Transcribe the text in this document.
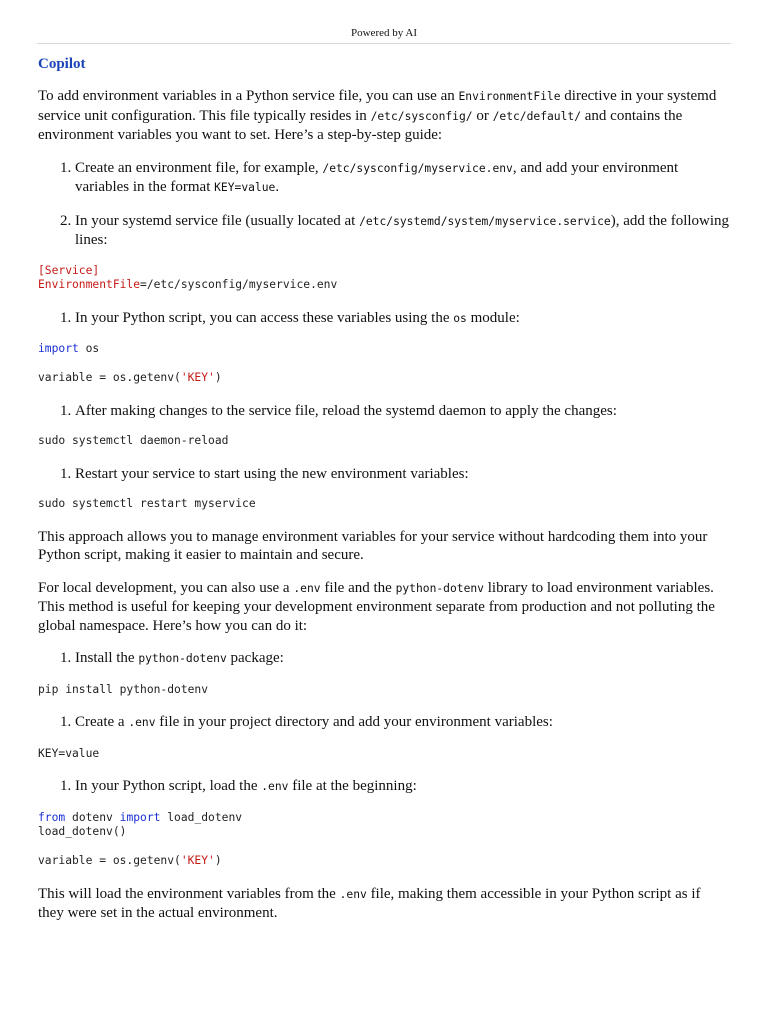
Powered by AI
Copilot

To add environment variables in a Python service file, you can use an EnvironmentFile directive in your systemd service unit configuration. This file typically resides in /etc/sysconfig/ or /etc/default/ and contains the environment variables you want to set. Here’s a step-by-step guide:

1. Create an environment file, for example, /etc/sysconfig/myservice.env, and add your environment variables in the format KEY=value.
2. In your systemd service file (usually located at /etc/systemd/system/myservice.service), add the following lines:
[Service]
EnvironmentFile=/etc/sysconfig/myservice.env
1. In your Python script, you can access these variables using the os module:
import os

variable = os.getenv('KEY')
1. After making changes to the service file, reload the systemd daemon to apply the changes:
sudo systemctl daemon-reload
1. Restart your service to start using the new environment variables:
sudo systemctl restart myservice

This approach allows you to manage environment variables for your service without hardcoding them into your Python script, making it easier to maintain and secure.

For local development, you can also use a .env file and the python-dotenv library to load environment variables. This method is useful for keeping your development environment separate from production and not polluting the global namespace. Here’s how you can do it:

1. Install the python-dotenv package:
pip install python-dotenv
1. Create a .env file in your project directory and add your environment variables:
KEY=value
1. In your Python script, load the .env file at the beginning:
from dotenv import load_dotenv
load_dotenv()

variable = os.getenv('KEY')

This will load the environment variables from the .env file, making them accessible in your Python script as if they were set in the actual environment.
